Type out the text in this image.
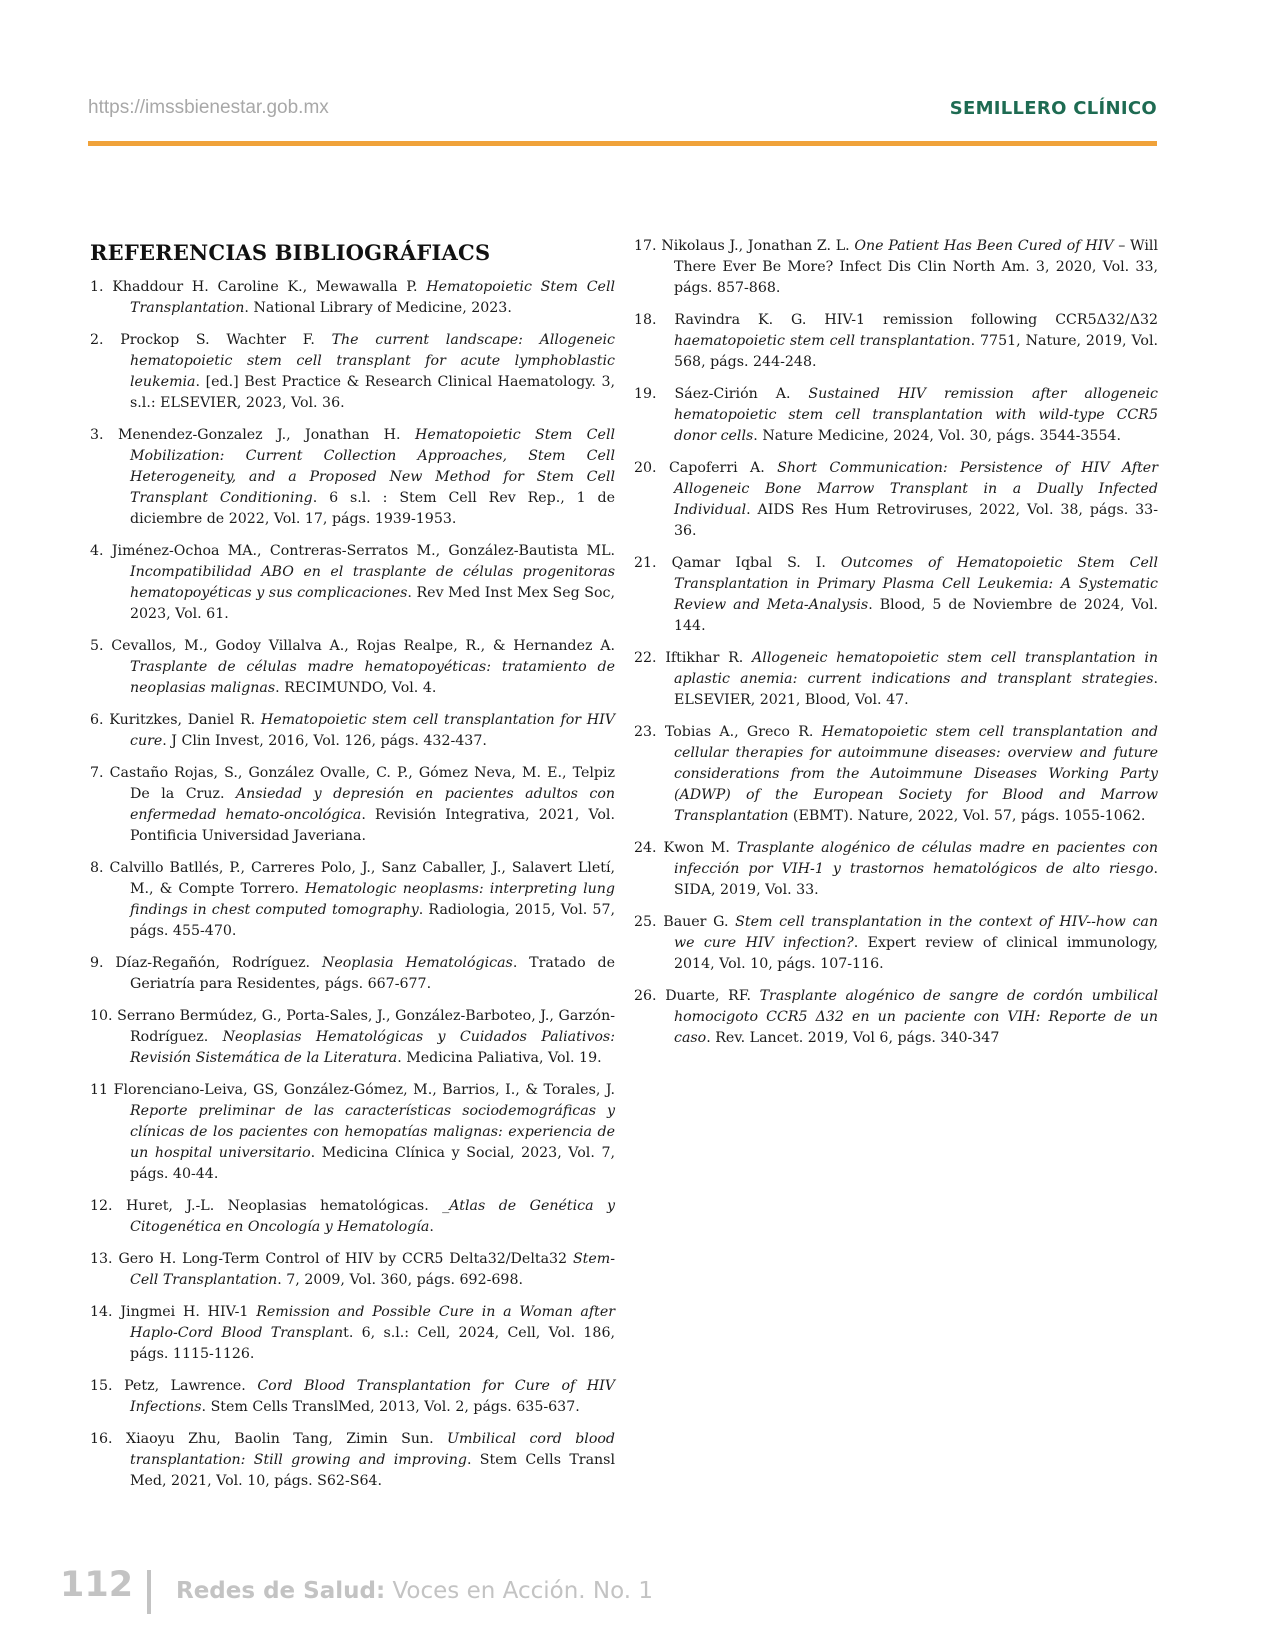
https://imssbienestar.gob.mx	SEMILLERO CLÍNICO
REFERENCIAS BIBLIOGRÁFIACS

1. Khaddour H. Caroline K., Mewawalla P. Hematopoietic Stem Cell Transplantation. National Library of Medicine, 2023.

2. Prockop S. Wachter F. The current landscape: Allogeneic hematopoietic stem cell transplant for acute lymphoblastic leukemia. [ed.] Best Practice & Research Clinical Haematology. 3, s.l.: ELSEVIER, 2023, Vol. 36.

3. Menendez-Gonzalez J., Jonathan H. Hematopoietic Stem Cell Mobilization: Current Collection Approaches, Stem Cell Heterogeneity, and a Proposed New Method for Stem Cell Transplant Conditioning. 6 s.l. : Stem Cell Rev Rep., 1 de diciembre de 2022, Vol. 17, págs. 1939-1953.

4. Jiménez-Ochoa MA., Contreras-Serratos M., González-Bautista ML. Incompatibilidad ABO en el trasplante de células progenitoras hematopoyéticas y sus complicaciones. Rev Med Inst Mex Seg Soc, 2023, Vol. 61.

5. Cevallos, M., Godoy Villalva A., Rojas Realpe, R., & Hernandez A. Trasplante de células madre hematopoyéticas: tratamiento de neoplasias malignas. RECIMUNDO, Vol. 4.

6. Kuritzkes, Daniel R. Hematopoietic stem cell transplantation for HIV cure. J Clin Invest, 2016, Vol. 126, págs. 432-437.

7. Castaño Rojas, S., González Ovalle, C. P., Gómez Neva, M. E., Telpiz De la Cruz. Ansiedad y depresión en pacientes adultos con enfermedad hemato-oncológica. Revisión Integrativa, 2021, Vol. Pontificia Universidad Javeriana.

8. Calvillo Batllés, P., Carreres Polo, J., Sanz Caballer, J., Salavert Lletí, M., & Compte Torrero. Hematologic neoplasms: interpreting lung findings in chest computed tomography. Radiologia, 2015, Vol. 57, págs. 455-470.

9. Díaz-Regañón, Rodríguez. Neoplasia Hematológicas. Tratado de Geriatría para Residentes, págs. 667-677.

10. Serrano Bermúdez, G., Porta-Sales, J., González-Barboteo, J., Garzón-Rodríguez. Neoplasias Hematológicas y Cuidados Paliativos: Revisión Sistemática de la Literatura. Medicina Paliativa, Vol. 19.

11 Florenciano-Leiva, GS, González-Gómez, M., Barrios, I., & Torales, J. Reporte preliminar de las características sociodemográficas y clínicas de los pacientes con hemopatías malignas: experiencia de un hospital universitario. Medicina Clínica y Social, 2023, Vol. 7, págs. 40-44.

12. Huret, J.-L. Neoplasias hematológicas. _Atlas de Genética y Citogenética en Oncología y Hematología.

13. Gero H. Long-Term Control of HIV by CCR5 Delta32/Delta32 Stem-Cell Transplantation. 7, 2009, Vol. 360, págs. 692-698.

14. Jingmei H. HIV-1 Remission and Possible Cure in a Woman after Haplo-Cord Blood Transplant. 6, s.l.: Cell, 2024, Cell, Vol. 186, págs. 1115-1126.

15. Petz, Lawrence. Cord Blood Transplantation for Cure of HIV Infections. Stem Cells TranslMed, 2013, Vol. 2, págs. 635-637.

16. Xiaoyu Zhu, Baolin Tang, Zimin Sun. Umbilical cord blood transplantation: Still growing and improving. Stem Cells Transl Med, 2021, Vol. 10, págs. S62-S64.

17. Nikolaus J., Jonathan Z. L. One Patient Has Been Cured of HIV – Will There Ever Be More? Infect Dis Clin North Am. 3, 2020, Vol. 33, págs. 857-868.

18. Ravindra K. G. HIV-1 remission following CCR5Δ32/Δ32 haematopoietic stem cell transplantation. 7751, Nature, 2019, Vol. 568, págs. 244-248.

19. Sáez-Cirión A. Sustained HIV remission after allogeneic hematopoietic stem cell transplantation with wild-type CCR5 donor cells. Nature Medicine, 2024, Vol. 30, págs. 3544-3554.

20. Capoferri A. Short Communication: Persistence of HIV After Allogeneic Bone Marrow Transplant in a Dually Infected Individual. AIDS Res Hum Retroviruses, 2022, Vol. 38, págs. 33-36.

21. Qamar Iqbal S. I. Outcomes of Hematopoietic Stem Cell Transplantation in Primary Plasma Cell Leukemia: A Systematic Review and Meta-Analysis. Blood, 5 de Noviembre de 2024, Vol. 144.

22. Iftikhar R. Allogeneic hematopoietic stem cell transplantation in aplastic anemia: current indications and transplant strategies. ELSEVIER, 2021, Blood, Vol. 47.

23. Tobias A., Greco R. Hematopoietic stem cell transplantation and cellular therapies for autoimmune diseases: overview and future considerations from the Autoimmune Diseases Working Party (ADWP) of the European Society for Blood and Marrow Transplantation (EBMT). Nature, 2022, Vol. 57, págs. 1055-1062.

24. Kwon M. Trasplante alogénico de células madre en pacientes con infección por VIH-1 y trastornos hematológicos de alto riesgo. SIDA, 2019, Vol. 33.

25. Bauer G. Stem cell transplantation in the context of HIV--how can we cure HIV infection?. Expert review of clinical immunology, 2014, Vol. 10, págs. 107-116.

26. Duarte, RF. Trasplante alogénico de sangre de cordón umbilical homocigoto CCR5 Δ32 en un paciente con VIH: Reporte de un caso. Rev. Lancet. 2019, Vol 6, págs. 340-347

112 Redes de Salud: Voces en Acción. No. 1
